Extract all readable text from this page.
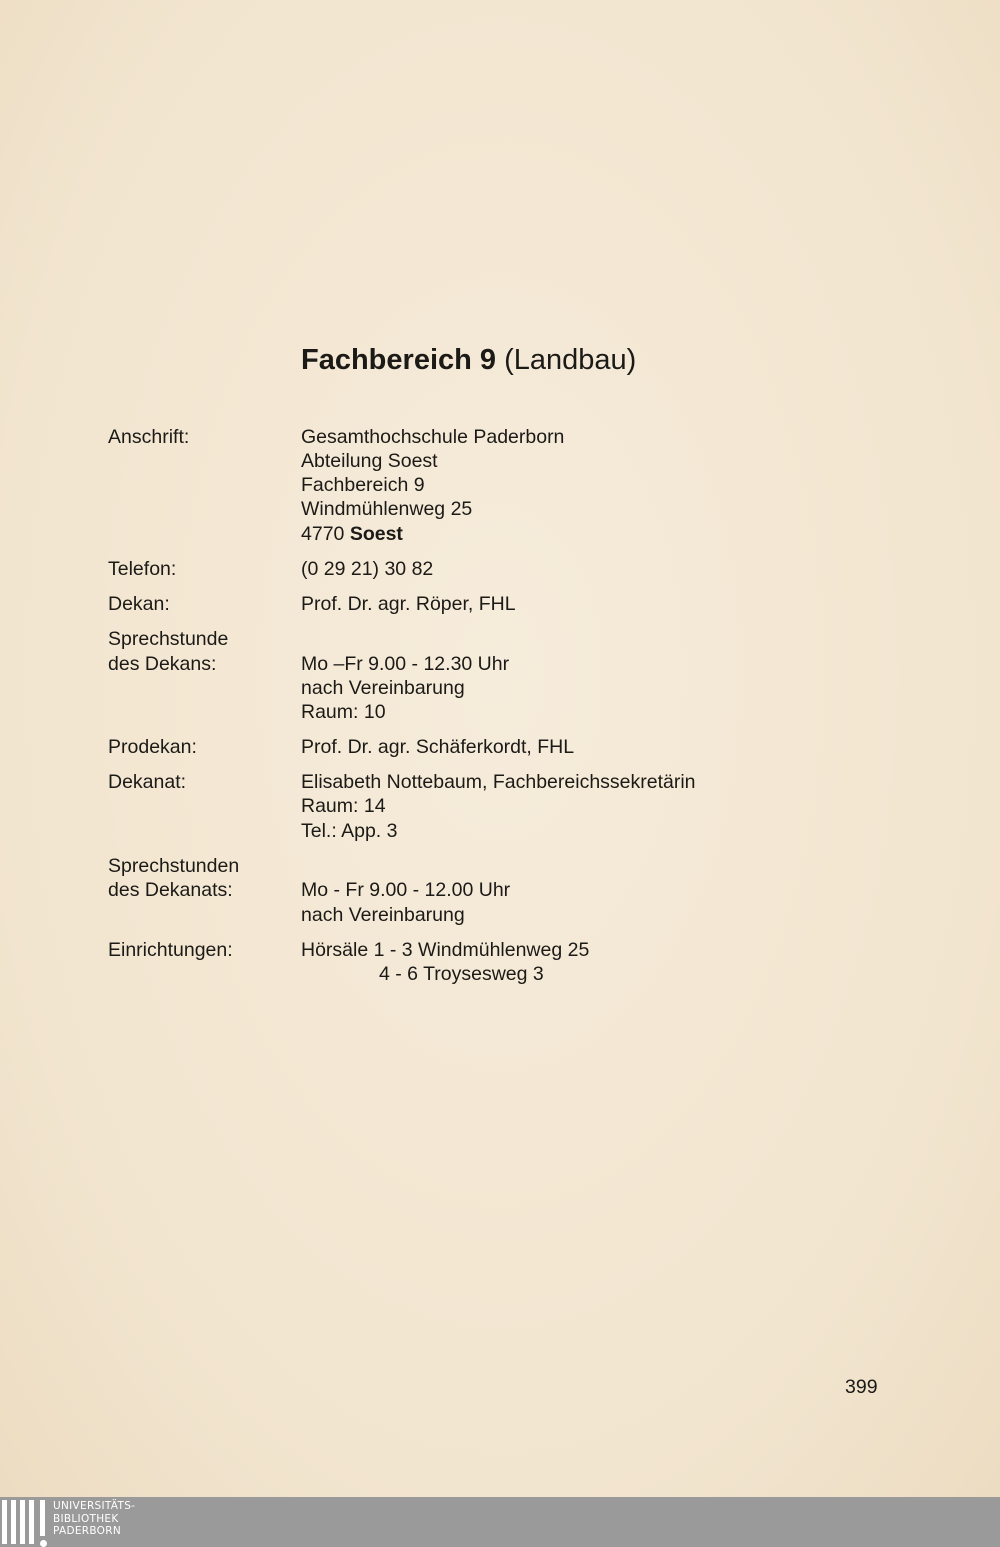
Fachbereich 9 (Landbau)
Anschrift:	Gesamthochschule Paderborn
Abteilung Soest
Fachbereich 9
Windmühlenweg 25
4770 Soest
Telefon:	(0 29 21) 30 82
Dekan:	Prof. Dr. agr. Röper, FHL
Sprechstunde
des Dekans:	Mo –Fr 9.00 - 12.30 Uhr
nach Vereinbarung
Raum: 10
Prodekan:	Prof. Dr. agr. Schäferkordt, FHL
Dekanat:	Elisabeth Nottebaum, Fachbereichssekretärin
Raum: 14
Tel.: App. 3
Sprechstunden
des Dekanats:	Mo - Fr 9.00 - 12.00 Uhr
nach Vereinbarung
Einrichtungen:	Hörsäle 1 - 3 Windmühlenweg 25
4 - 6 Troysesweg 3
399
UNIVERSITÄTS-
BIBLIOTHEK
PADERBORN
